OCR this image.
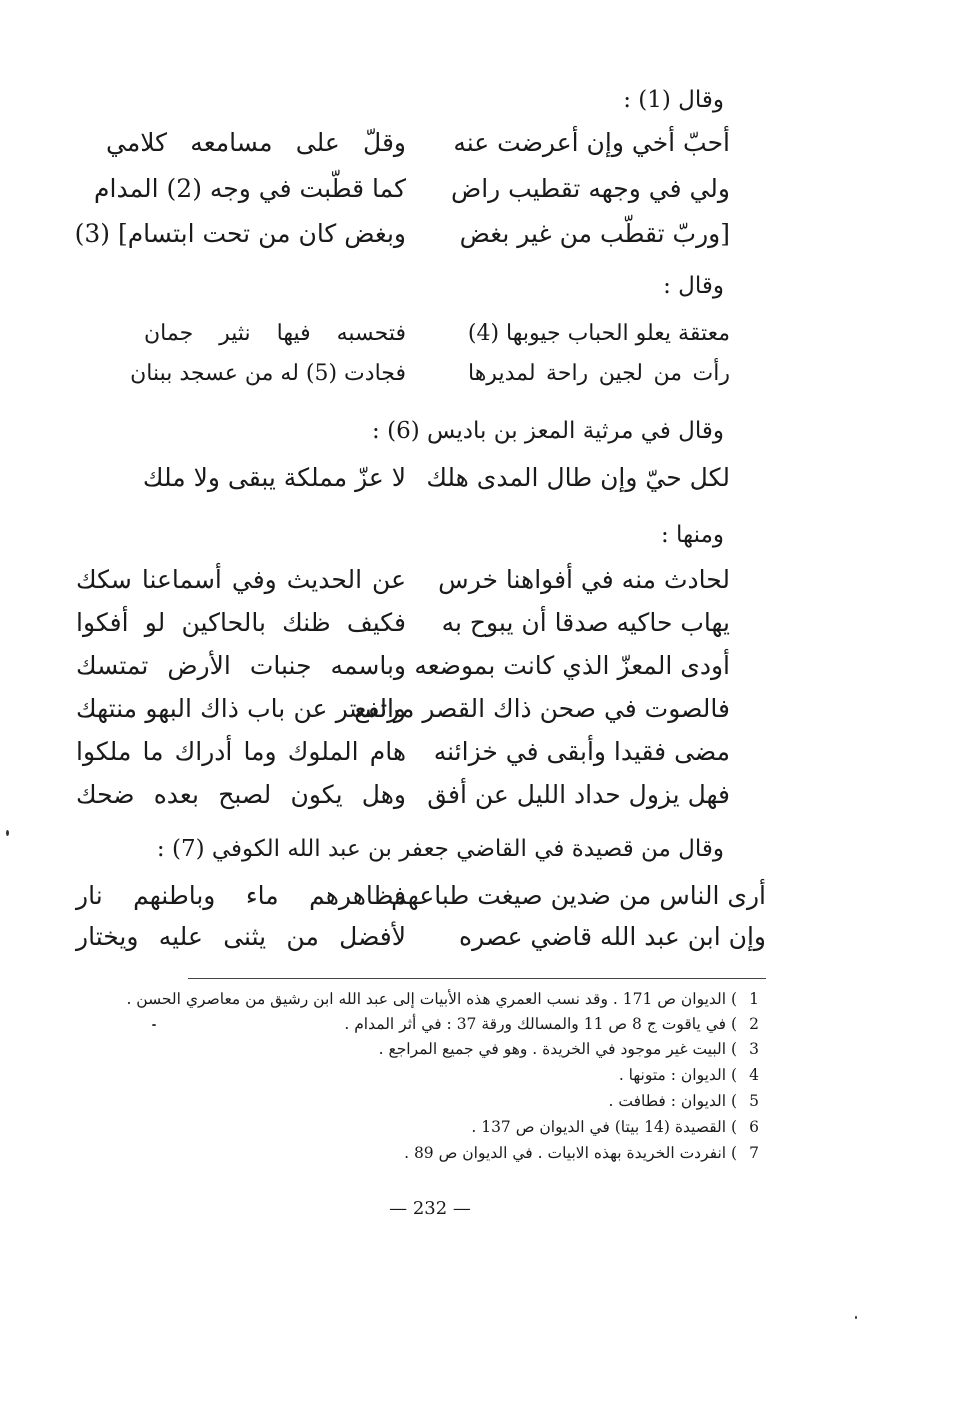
وقال (1) :
أحبّ أخي وإن أعرضت عنه
وقلّ على مسامعه كلامي
ولي في وجهه تقطيب راض
كما قطّبت في وجه (2) المدام
[وربّ تقطّب من غير بغض
وبغض كان من تحت ابتسام] (3)
وقال :
معتقة يعلو الحباب جيوبها (4)
فتحسبه فيها نثير جمان
رأت من لجين راحة لمديرها
فجادت (5) له من عسجد ببنان
وقال في مرثية المعز بن باديس (6) :
لكل حيّ وإن طال المدى هلك
لا عزّ مملكة يبقى ولا ملك
ومنها :
لحادث منه في أفواهنا خرس
عن الحديث وفي أسماعنا سكك
يهاب حاكيه صدقا أن يبوح به
فكيف ظنك بالحاكين لو أفكوا
أودى المعزّ الذي كانت بموضعه
وباسمه جنبات الأرض تمتسك
فالصوت في صحن ذاك القصر مرتفع
والستر عن باب ذاك البهو منتهك
مضى فقيدا وأبقى في خزائنه
هام الملوك وما أدراك ما ملكوا
فهل يزول حداد الليل عن أفق
وهل يكون لصبح بعده ضحك
وقال من قصيدة في القاضي جعفر بن عبد الله الكوفي (7) :
أرى الناس من ضدين صيغت طباعهم
فظاهرهم ماء وباطنهم نار
وإن ابن عبد الله قاضي عصره
لأفضل من يثنى عليه ويختار
1 ) الديوان ص 171 . وقد نسب العمري هذه الأبيات إلى عبد الله ابن رشيق من معاصري الحسن .
2 ) في ياقوت ج 8 ص 11 والمسالك ورقة 37 : في أثر المدام .
3 ) البيت غير موجود في الخريدة . وهو في جميع المراجع .
4 ) الديوان : متونها .
5 ) الديوان : فطافت .
6 ) القصيدة (14 بيتا) في الديوان ص 137 .
7 ) انفردت الخريدة بهذه الابيات . في الديوان ص 89 .
— 232 —
